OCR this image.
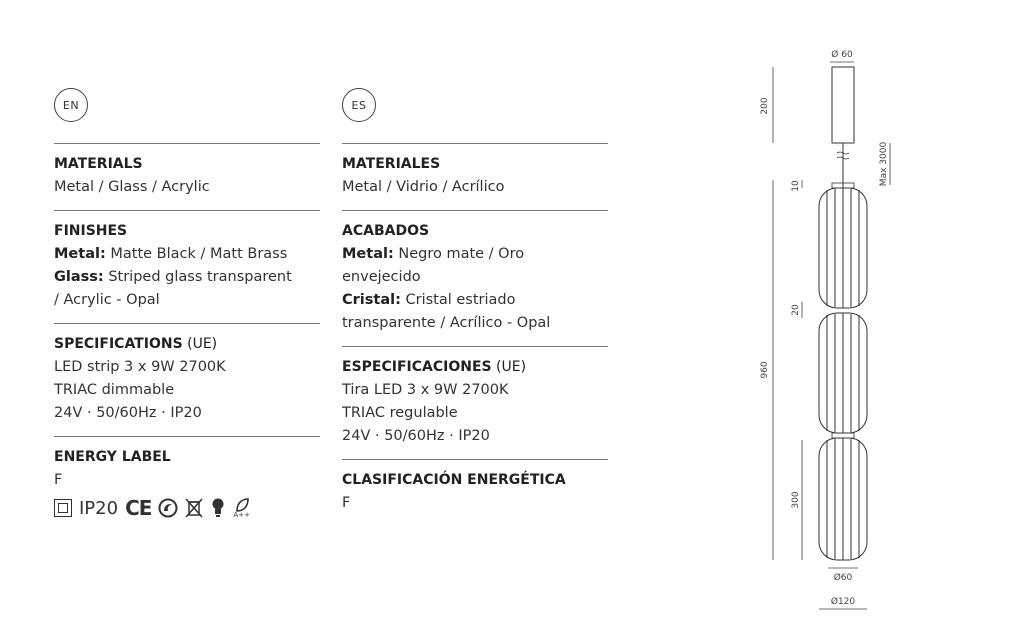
EN
MATERIALS
Metal / Glass / Acrylic
FINISHES
Metal: Matte Black / Matt Brass
Glass: Striped glass transparent
/ Acrylic - Opal
SPECIFICATIONS (UE)
LED strip 3 x 9W 2700K
TRIAC dimmable
24V · 50/60Hz · IP20
ENERGY LABEL
F
IP20 CE	A++
ES
MATERIALES
Metal / Vidrio / Acrílico
ACABADOS
Metal: Negro mate / Oro
envejecido
Cristal: Cristal estriado
transparente / Acrílico - Opal
ESPECIFICACIONES (UE)
Tira LED 3 x 9W 2700K
TRIAC regulable
24V · 50/60Hz · IP20
CLASIFICACIÓN ENERGÉTICA
F
Ø 60
200
Max 3000
960
10
20
300
Ø60
Ø120
